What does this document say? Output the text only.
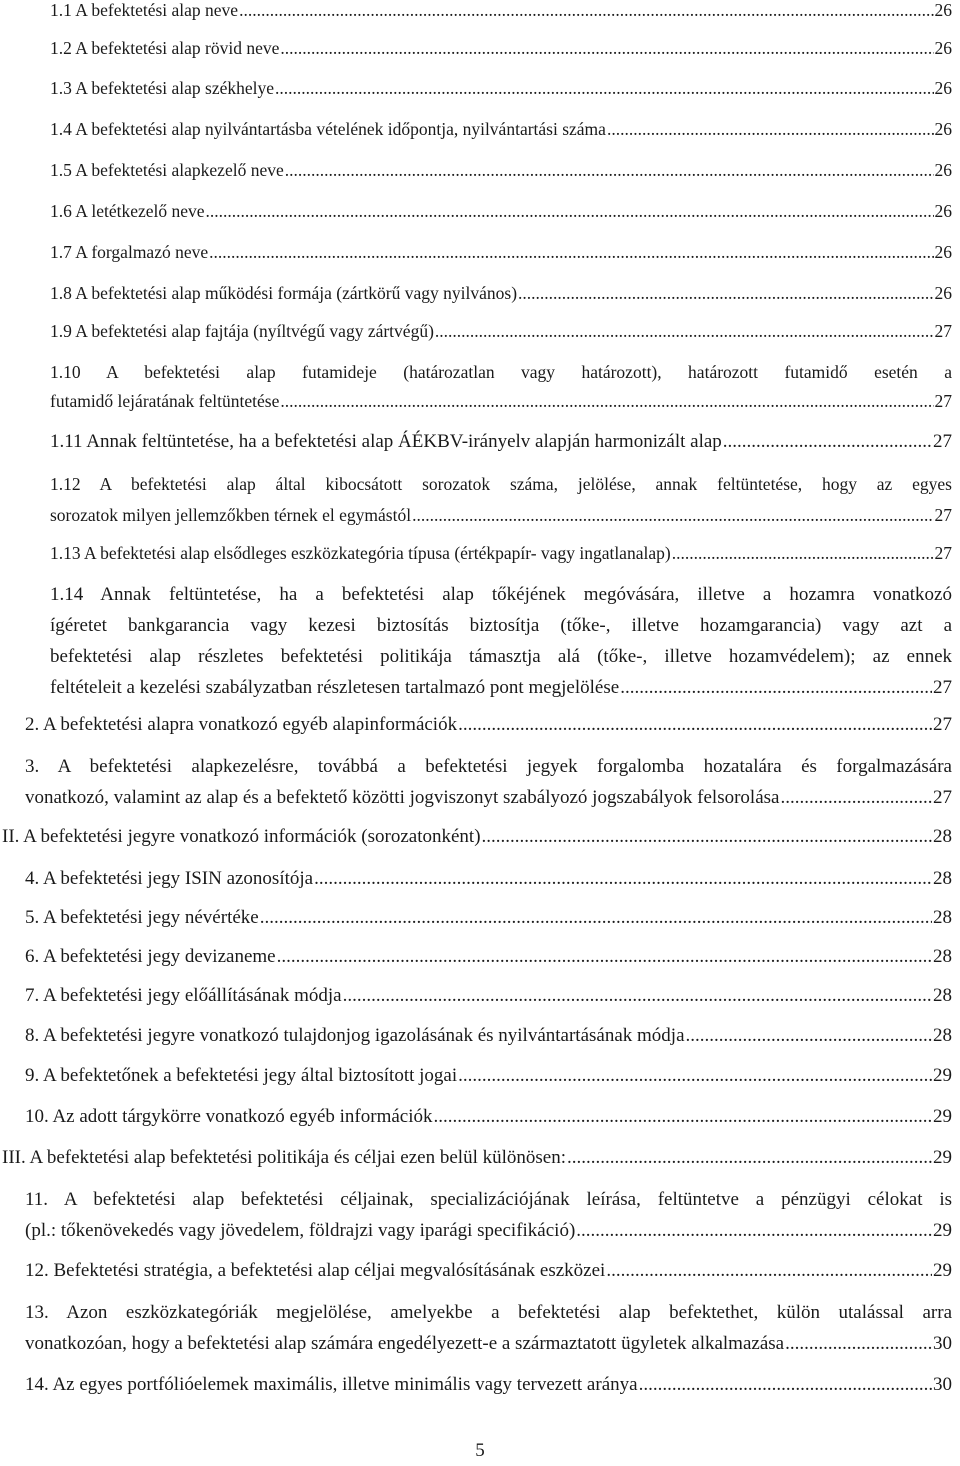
1.1 A befektetési alap neve .....	26
1.2 A befektetési alap rövid neve .....	26
1.3 A befektetési alap székhelye .....	26
1.4 A befektetési alap nyilvántartásba vételének időpontja, nyilvántartási száma .....	26
1.5 A befektetési alapkezelő neve .....	26
1.6 A letétkezelő neve .....	26
1.7 A forgalmazó neve .....	26
1.8 A befektetési alap működési formája (zártkörű vagy nyilvános) .....	26
1.9 A befektetési alap fajtája (nyíltvégű vagy zártvégű) .....	27
1.10 A befektetési alap futamideje (határozatlan vagy határozott), határozott futamidő esetén a
futamidő lejáratának feltüntetése .....	27
1.11 Annak feltüntetése, ha a befektetési alap ÁÉKBV-irányelv alapján harmonizált alap .....	27
1.12 A befektetési alap által kibocsátott sorozatok száma, jelölése, annak feltüntetése, hogy az egyes
sorozatok milyen jellemzőkben térnek el egymástól .....	27
1.13 A befektetési alap elsődleges eszközkategória típusa (értékpapír- vagy ingatlanalap) .....	27
1.14 Annak feltüntetése, ha a befektetési alap tőkéjének megóvására, illetve a hozamra vonatkozó
ígéretet bankgarancia vagy kezesi biztosítás biztosítja (tőke-, illetve hozamgarancia) vagy azt a
befektetési alap részletes befektetési politikája támasztja alá (tőke-, illetve hozamvédelem); az ennek
feltételeit a kezelési szabályzatban részletesen tartalmazó pont megjelölése .....	27
2. A befektetési alapra vonatkozó egyéb alapinformációk .....	27
3. A befektetési alapkezelésre, továbbá a befektetési jegyek forgalomba hozatalára és forgalmazására
vonatkozó, valamint az alap és a befektető közötti jogviszonyt szabályozó jogszabályok felsorolása .....	27
II. A befektetési jegyre vonatkozó információk (sorozatonként) .....	28
4. A befektetési jegy ISIN azonosítója .....	28
5. A befektetési jegy névértéke .....	28
6. A befektetési jegy devizaneme .....	28
7. A befektetési jegy előállításának módja .....	28
8. A befektetési jegyre vonatkozó tulajdonjog igazolásának és nyilvántartásának módja .....	28
9. A befektetőnek a befektetési jegy által biztosított jogai .....	29
10. Az adott tárgykörre vonatkozó egyéb információk .....	29
III. A befektetési alap befektetési politikája és céljai ezen belül különösen: .....	29
11. A befektetési alap befektetési céljainak, specializációjának leírása, feltüntetve a pénzügyi célokat is
(pl.: tőkenövekedés vagy jövedelem, földrajzi vagy iparági specifikáció) .....	29
12. Befektetési stratégia, a befektetési alap céljai megvalósításának eszközei .....	29
13. Azon eszközkategóriák megjelölése, amelyekbe a befektetési alap befektethet, külön utalással arra
vonatkozóan, hogy a befektetési alap számára engedélyezett-e a származtatott ügyletek alkalmazása .....	30
14. Az egyes portfólióelemek maximális, illetve minimális vagy tervezett aránya .....	30
5
